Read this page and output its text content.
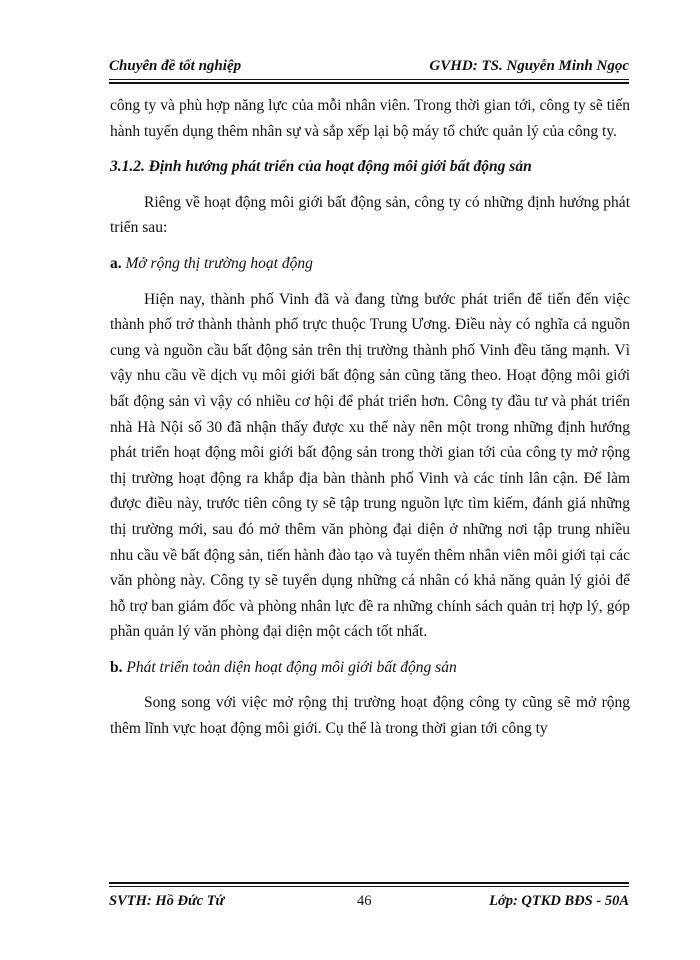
Chuyên đề tốt nghiệp	GVHD: TS. Nguyễn Minh Ngọc

công ty và phù hợp năng lực của mỗi nhân viên. Trong thời gian tới, công ty sẽ tiến hành tuyển dụng thêm nhân sự và sắp xếp lại bộ máy tổ chức quản lý của công ty.

3.1.2. Định hướng phát triển của hoạt động môi giới bất động sản

Riêng về hoạt động môi giới bất động sản, công ty có những định hướng phát triển sau:

a. Mở rộng thị trường hoạt động

Hiện nay, thành phố Vinh đã và đang từng bước phát triển để tiến đến việc thành phố trở thành thành phố trực thuộc Trung Ương. Điều này có nghĩa cả nguồn cung và nguồn cầu bất động sản trên thị trường thành phố Vinh đều tăng mạnh. Vì vậy nhu cầu về dịch vụ môi giới bất động sản cũng tăng theo. Hoạt động môi giới bất động sản vì vậy có nhiều cơ hội để phát triển hơn. Công ty đầu tư và phát triển nhà Hà Nội số 30 đã nhận thấy được xu thế này nên một trong những định hướng phát triển hoạt động môi giới bất động sản trong thời gian tới của công ty mở rộng thị trường hoạt động ra khắp địa bàn thành phố Vinh và các tỉnh lân cận. Để làm được điều này, trước tiên công ty sẽ tập trung nguồn lực tìm kiếm, đánh giá những thị trường mới, sau đó mở thêm văn phòng đại diện ở những nơi tập trung nhiều nhu cầu về bất động sản, tiến hành đào tạo và tuyển thêm nhân viên môi giới tại các văn phòng này. Công ty sẽ tuyển dụng những cá nhân có khả năng quản lý giỏi để hỗ trợ ban giám đốc và phòng nhân lực đề ra những chính sách quản trị hợp lý, góp phần quản lý văn phòng đại diện một cách tốt nhất.

b. Phát triển toàn diện hoạt động môi giới bất động sản

Song song với việc mở rộng thị trường hoạt động công ty cũng sẽ mở rộng thêm lĩnh vực hoạt động môi giới. Cụ thể là trong thời gian tới công ty

SVTH: Hồ Đức Tứ	46	Lớp: QTKD BĐS - 50A
